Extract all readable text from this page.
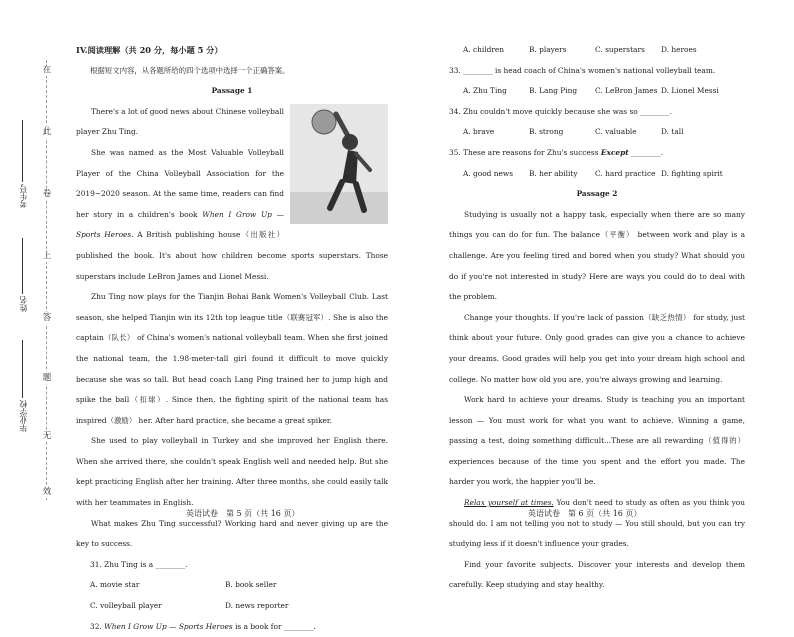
在
此
卷
上
答
题
无
效
考生号
姓名
毕业学校
IV.阅读理解（共 20 分，每小题 5 分）
根据短文内容，从各题所给的四个选项中选择一个正确答案。
Passage 1
There's a lot of good news about Chinese volleyball player Zhu Ting.
She was named as the Most Valuable Volleyball Player of the China Volleyball Association for the 2019~2020 season. At the same time, readers can find her story in a children's book When I Grow Up — Sports Heroes. A British publishing house（出版社） published the book. It's about how children become sports superstars. Those superstars include LeBron James and Lionel Messi.
Zhu Ting now plays for the Tianjin Bohai Bank Women's Volleyball Club. Last season, she helped Tianjin win its 12th top league title（联赛冠军）. She is also the captain（队长） of China's women's national volleyball team. When she first joined the national team, the 1.98-meter-tall girl found it difficult to move quickly because she was so tall. But head coach Lang Ping trained her to jump high and spike the ball（扣球）. Since then, the fighting spirit of the national team has inspired（激励） her. After hard practice, she became a great spiker.
She used to play volleyball in Turkey and she improved her English there. When she arrived there, she couldn't speak English well and needed help. But she kept practicing English after her training. After three months, she could easily talk with her teammates in English.
What makes Zhu Ting successful? Working hard and never giving up are the key to success.
31. Zhu Ting is a ________.
A. movie star	B. book seller
C. volleyball player	D. news reporter
32. When I Grow Up — Sports Heroes is a book for ________.
英语试卷　第 5 页（共 16 页）
A. children	B. players	C. superstars	D. heroes
33. ________ is head coach of China's women's national volleyball team.
A. Zhu Ting	B. Lang Ping	C. LeBron James D. Lionel Messi
34. Zhu couldn't move quickly because she was so ________.
A. brave	B. strong	C. valuable	D. tall
35. These are reasons for Zhu's success Except ________.
A. good news	B. her ability	C. hard practice D. fighting spirit
Passage 2
Studying is usually not a happy task, especially when there are so many things you can do for fun. The balance（平衡） between work and play is a challenge. Are you feeling tired and bored when you study? What should you do if you're not interested in study? Here are ways you could do to deal with the problem.
Change your thoughts. If you're lack of passion（缺乏热情） for study, just think about your future. Only good grades can give you a chance to achieve your dreams. Good grades will help you get into your dream high school and college. No matter how old you are, you're always growing and learning.
Work hard to achieve your dreams. Study is teaching you an important lesson — You must work for what you want to achieve. Winning a game, passing a test, doing something difficult...These are all rewarding（值得的） experiences because of the time you spent and the effort you made. The harder you work, the happier you'll be.
Relax yourself at times. You don't need to study as often as you think you should do. I am not telling you not to study — You still should, but you can try studying less if it doesn't influence your grades.
Find your favorite subjects. Discover your interests and develop them carefully. Keep studying and stay healthy.
英语试卷　第 6 页（共 16 页）
